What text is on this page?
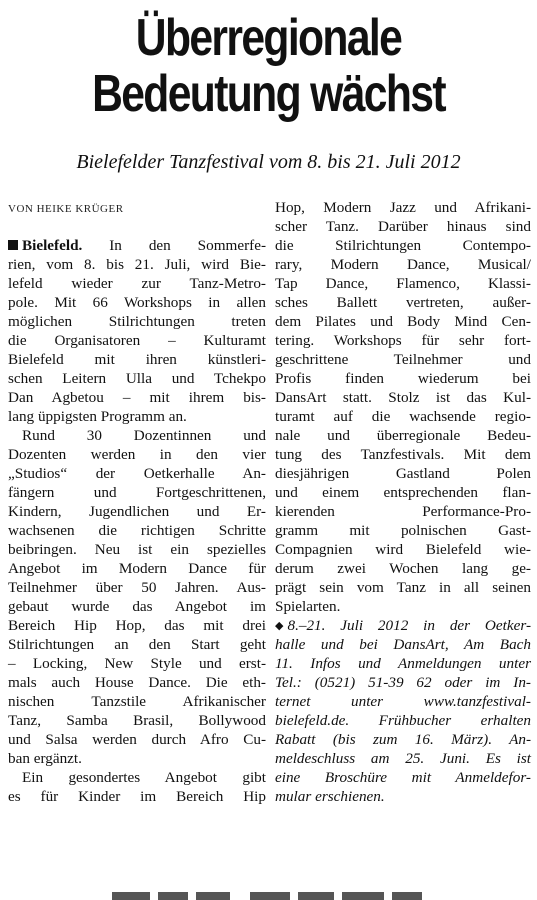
Überregionale
Bedeutung wächst
Bielefelder Tanzfestival vom 8. bis 21. Juli 2012
VON HEIKE KRÜGER
Bielefeld. In den Sommerfe-
rien, vom 8. bis 21. Juli, wird Bie-
lefeld wieder zur Tanz-Metro-
pole. Mit 66 Workshops in allen
möglichen Stilrichtungen treten
die Organisatoren – Kulturamt
Bielefeld mit ihren künstleri-
schen Leitern Ulla und Tchekpo
Dan Agbetou – mit ihrem bis-
lang üppigsten Programm an.
Rund 30 Dozentinnen und
Dozenten werden in den vier
„Studios“ der Oetkerhalle An-
fängern und Fortgeschrittenen,
Kindern, Jugendlichen und Er-
wachsenen die richtigen Schritte
beibringen. Neu ist ein spezielles
Angebot im Modern Dance für
Teilnehmer über 50 Jahren. Aus-
gebaut wurde das Angebot im
Bereich Hip Hop, das mit drei
Stilrichtungen an den Start geht
– Locking, New Style und erst-
mals auch House Dance. Die eth-
nischen Tanzstile Afrikanischer
Tanz, Samba Brasil, Bollywood
und Salsa werden durch Afro Cu-
ban ergänzt.
Ein gesondertes Angebot gibt
es für Kinder im Bereich Hip
Hop, Modern Jazz und Afrikani-
scher Tanz. Darüber hinaus sind
die Stilrichtungen Contempo-
rary, Modern Dance, Musical/
Tap Dance, Flamenco, Klassi-
sches Ballett vertreten, außer-
dem Pilates und Body Mind Cen-
tering. Workshops für sehr fort-
geschrittene Teilnehmer und
Profis finden wiederum bei
DansArt statt. Stolz ist das Kul-
turamt auf die wachsende regio-
nale und überregionale Bedeu-
tung des Tanzfestivals. Mit dem
diesjährigen Gastland Polen
und einem entsprechenden flan-
kierenden Performance-Pro-
gramm mit polnischen Gast-
Compagnien wird Bielefeld wie-
derum zwei Wochen lang ge-
prägt sein vom Tanz in all seinen
Spielarten.
◆ 8.–21. Juli 2012 in der Oetker-
halle und bei DansArt, Am Bach
11. Infos und Anmeldungen unter
Tel.: (0521) 51-39 62 oder im In-
ternet unter www.tanzfestival-
bielefeld.de. Frühbucher erhalten
Rabatt (bis zum 16. März). An-
meldeschluss am 25. Juni. Es ist
eine Broschüre mit Anmeldefor-
mular erschienen.
